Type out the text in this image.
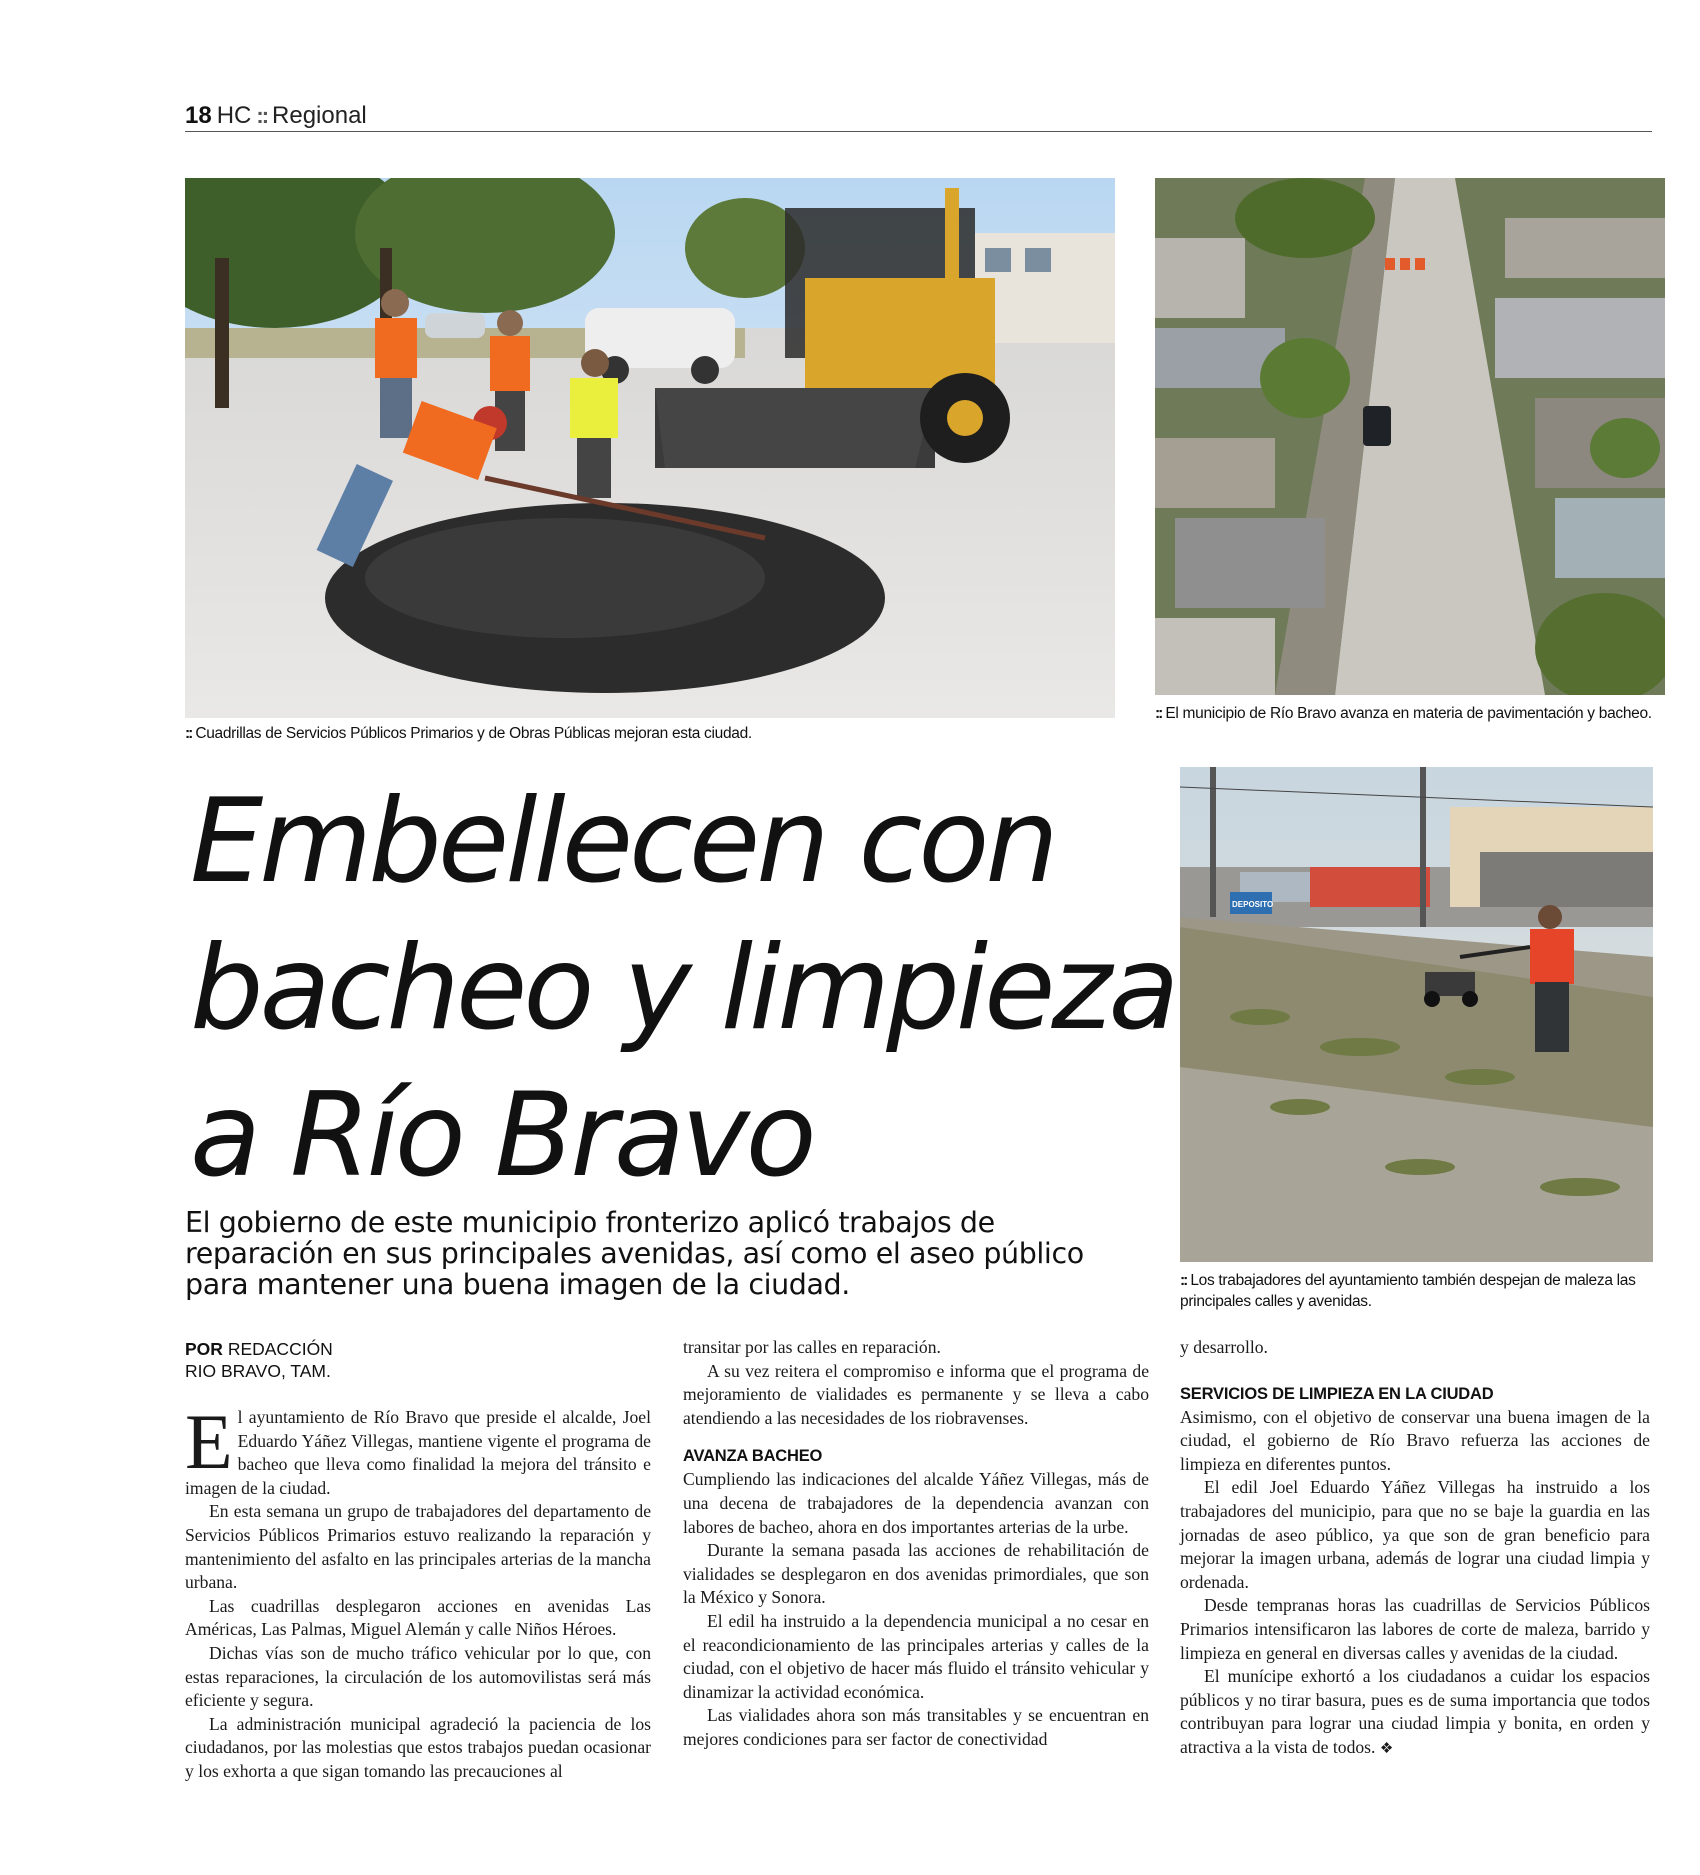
18 HC :: Regional
:: Cuadrillas de Servicios Públicos Primarios y de Obras Públicas mejoran esta ciudad.
:: El municipio de Río Bravo avanza en materia de pavimentación y bacheo.
DEPOSITO
:: Los trabajadores del ayuntamiento también despejan de maleza las principales calles y avenidas.
Embellecen con
bacheo y limpieza
a Río Bravo

El gobierno de este municipio fronterizo aplicó trabajos de reparación en sus principales avenidas, así como el aseo público para mantener una buena imagen de la ciudad.

POR REDACCIÓN
RIO BRAVO, TAM.

El ayuntamiento de Río Bravo que preside el alcalde, Joel Eduardo Yáñez Villegas, mantiene vigente el programa de bacheo que lleva como finalidad la mejora del tránsito e imagen de la ciudad.

En esta semana un grupo de trabajadores del departamento de Servicios Públicos Primarios estuvo realizando la reparación y mantenimiento del asfalto en las principales arterias de la mancha urbana.

Las cuadrillas desplegaron acciones en avenidas Las Américas, Las Palmas, Miguel Alemán y calle Niños Héroes.

Dichas vías son de mucho tráfico vehicular por lo que, con estas reparaciones, la circulación de los automovilistas será más eficiente y segura.

La administración municipal agradeció la paciencia de los ciudadanos, por las molestias que estos trabajos puedan ocasionar y los exhorta a que sigan tomando las precauciones al

transitar por las calles en reparación.

A su vez reitera el compromiso e informa que el programa de mejoramiento de vialidades es permanente y se lleva a cabo atendiendo a las necesidades de los riobravenses.

AVANZA BACHEO

Cumpliendo las indicaciones del alcalde Yáñez Villegas, más de una decena de trabajadores de la dependencia avanzan con labores de bacheo, ahora en dos importantes arterias de la urbe.

Durante la semana pasada las acciones de rehabilitación de vialidades se desplegaron en dos avenidas primordiales, que son la México y Sonora.

El edil ha instruido a la dependencia municipal a no cesar en el reacondicionamiento de las principales arterias y calles de la ciudad, con el objetivo de hacer más fluido el tránsito vehicular y dinamizar la actividad económica.

Las vialidades ahora son más transitables y se encuentran en mejores condiciones para ser factor de conectividad

y desarrollo.

SERVICIOS DE LIMPIEZA EN LA CIUDAD

Asimismo, con el objetivo de conservar una buena imagen de la ciudad, el gobierno de Río Bravo refuerza las acciones de limpieza en diferentes puntos.

El edil Joel Eduardo Yáñez Villegas ha instruido a los trabajadores del municipio, para que no se baje la guardia en las jornadas de aseo público, ya que son de gran beneficio para mejorar la imagen urbana, además de lograr una ciudad limpia y ordenada.

Desde tempranas horas las cuadrillas de Servicios Públicos Primarios intensificaron las labores de corte de maleza, barrido y limpieza en general en diversas calles y avenidas de la ciudad.

El munícipe exhortó a los ciudadanos a cuidar los espacios públicos y no tirar basura, pues es de suma importancia que todos contribuyan para lograr una ciudad limpia y bonita, en orden y atractiva a la vista de todos. ❖
